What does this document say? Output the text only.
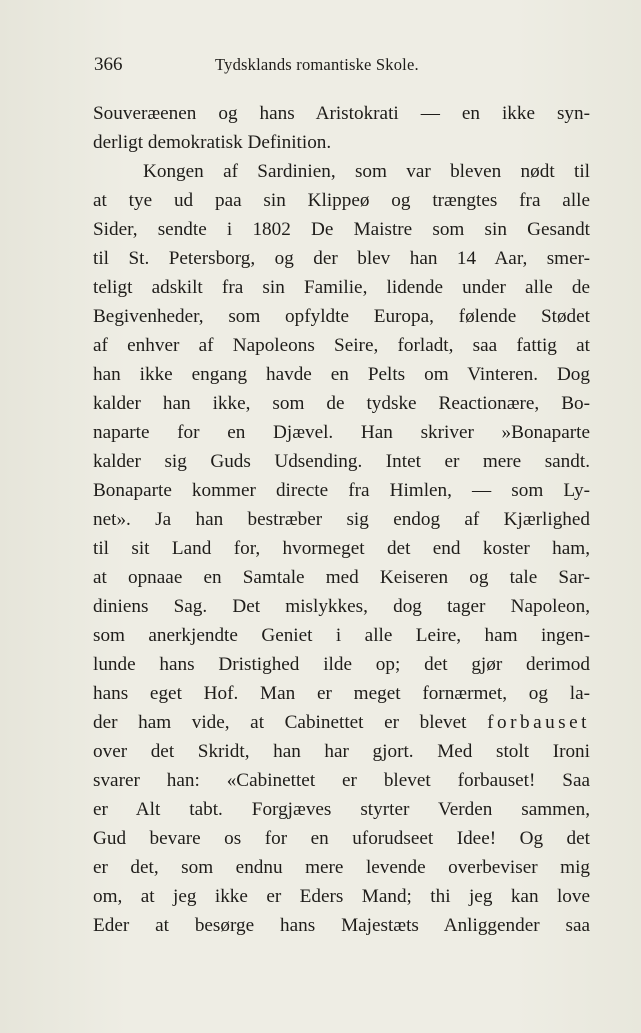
366	Tydsklands romantiske Skole.
Souveræenen og hans Aristokrati — en ikke syn-
derligt demokratisk Definition.
Kongen af Sardinien, som var bleven nødt til
at tye ud paa sin Klippeø og trængtes fra alle
Sider, sendte i 1802 De Maistre som sin Gesandt
til St. Petersborg, og der blev han 14 Aar, smer-
teligt adskilt fra sin Familie, lidende under alle de
Begivenheder, som opfyldte Europa, følende Stødet
af enhver af Napoleons Seire, forladt, saa fattig at
han ikke engang havde en Pelts om Vinteren. Dog
kalder han ikke, som de tydske Reactionære, Bo-
naparte for en Djævel. Han skriver »Bonaparte
kalder sig Guds Udsending. Intet er mere sandt.
Bonaparte kommer directe fra Himlen, — som Ly-
net». Ja han bestræber sig endog af Kjærlighed
til sit Land for, hvormeget det end koster ham,
at opnaae en Samtale med Keiseren og tale Sar-
diniens Sag. Det mislykkes, dog tager Napoleon,
som anerkjendte Geniet i alle Leire, ham ingen-
lunde hans Dristighed ilde op; det gjør derimod
hans eget Hof. Man er meget fornærmet, og la-
der ham vide, at Cabinettet er blevet forbauset
over det Skridt, han har gjort. Med stolt Ironi
svarer han: «Cabinettet er blevet forbauset! Saa
er Alt tabt. Forgjæves styrter Verden sammen,
Gud bevare os for en uforudseet Idee! Og det
er det, som endnu mere levende overbeviser mig
om, at jeg ikke er Eders Mand; thi jeg kan love
Eder at besørge hans Majestæts Anliggender saa
